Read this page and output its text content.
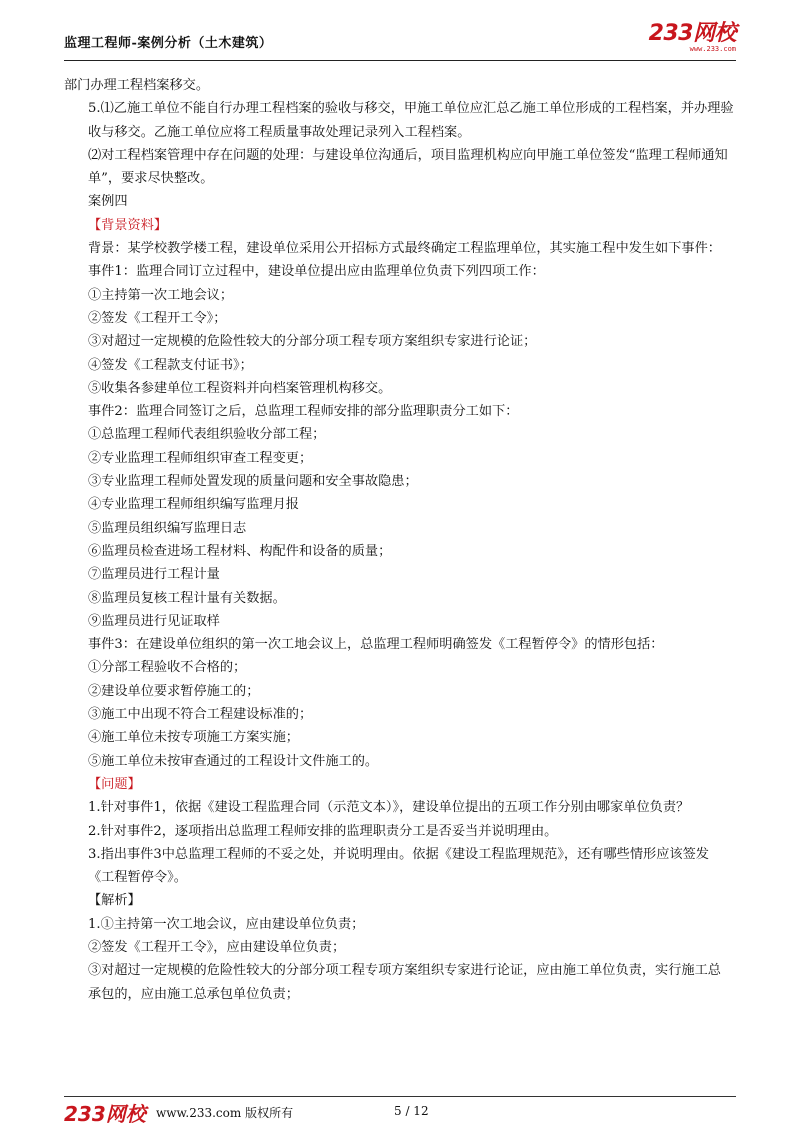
监理工程师-案例分析（土木建筑）	233网校
www.233.com

部门办理工程档案移交。

5.⑴乙施工单位不能自行办理工程档案的验收与移交，甲施工单位应汇总乙施工单位形成的工程档案，并办理验收与移交。乙施工单位应将工程质量事故处理记录列入工程档案。

⑵对工程档案管理中存在问题的处理：与建设单位沟通后，项目监理机构应向甲施工单位签发“监理工程师通知单”，要求尽快整改。

案例四

【背景资料】

背景：某学校教学楼工程，建设单位采用公开招标方式最终确定工程监理单位，其实施工程中发生如下事件：

事件1：监理合同订立过程中，建设单位提出应由监理单位负责下列四项工作：

①主持第一次工地会议；

②签发《工程开工令》；

③对超过一定规模的危险性较大的分部分项工程专项方案组织专家进行论证；

④签发《工程款支付证书》；

⑤收集各参建单位工程资料并向档案管理机构移交。

事件2：监理合同签订之后，总监理工程师安排的部分监理职责分工如下：

①总监理工程师代表组织验收分部工程；

②专业监理工程师组织审查工程变更；

③专业监理工程师处置发现的质量问题和安全事故隐患；

④专业监理工程师组织编写监理月报

⑤监理员组织编写监理日志

⑥监理员检查进场工程材料、构配件和设备的质量；

⑦监理员进行工程计量

⑧监理员复核工程计量有关数据。

⑨监理员进行见证取样

事件3：在建设单位组织的第一次工地会议上，总监理工程师明确签发《工程暂停令》的情形包括：

①分部工程验收不合格的；

②建设单位要求暂停施工的；

③施工中出现不符合工程建设标准的；

④施工单位未按专项施工方案实施；

⑤施工单位未按审查通过的工程设计文件施工的。

【问题】

1.针对事件1，依据《建设工程监理合同（示范文本）》，建设单位提出的五项工作分别由哪家单位负责？

2.针对事件2，逐项指出总监理工程师安排的监理职责分工是否妥当并说明理由。

3.指出事件3中总监理工程师的不妥之处，并说明理由。依据《建设工程监理规范》，还有哪些情形应该签发《工程暂停令》。

【解析】

1.①主持第一次工地会议，应由建设单位负责；

②签发《工程开工令》，应由建设单位负责；

③对超过一定规模的危险性较大的分部分项工程专项方案组织专家进行论证，应由施工单位负责，实行施工总承包的，应由施工总承包单位负责；

233网校 www.233.com 版权所有	5 / 12
